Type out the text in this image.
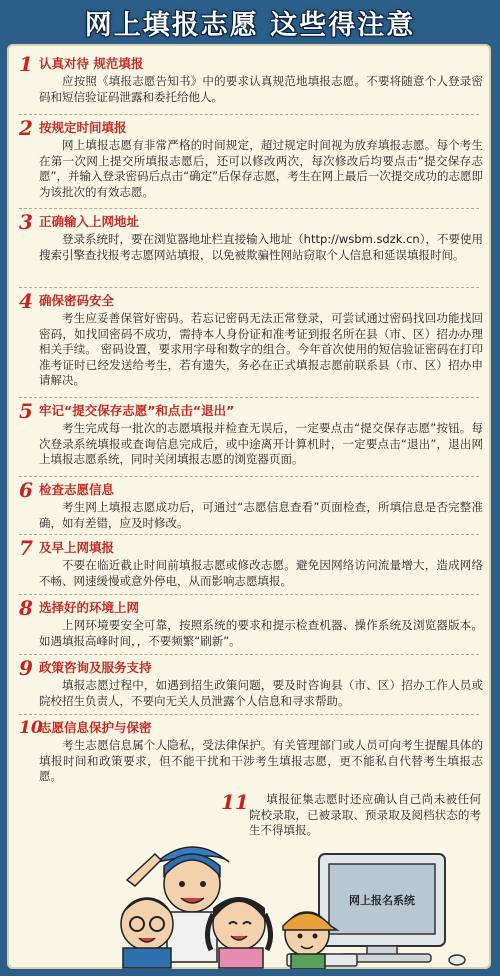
网上填报志愿 这些得注意
1 认真对待 规范填报
应按照《填报志愿告知书》中的要求认真规范地填报志愿。不要将随意个人登录密码和短信验证码泄露和委托给他人。
2 按规定时间填报
网上填报志愿有非常严格的时间规定，超过规定时间视为放弃填报志愿。每个考生在第一次网上提交所填报志愿后，还可以修改两次，每次修改后均要点击“提交保存志愿”，并输入登录密码后点击“确定”后保存志愿，考生在网上最后一次提交成功的志愿即为该批次的有效志愿。
3 正确输入上网地址
登录系统时，要在浏览器地址栏直接输入地址（http://wsbm.sdzk.cn），不要使用搜索引擎查找报考志愿网站填报，以免被欺骗性网站窃取个人信息和延误填报时间。
4 确保密码安全
考生应妥善保管好密码。若忘记密码无法正常登录，可尝试通过密码找回功能找回密码，如找回密码不成功，需持本人身份证和准考证到报名所在县（市、区）招办办理相关手续。 密码设置，要求用字母和数字的组合。今年首次使用的短信验证密码在打印准考证时已经发送给考生，若有遗失，务必在正式填报志愿前联系县（市、区）招办申请解决。
5 牢记“提交保存志愿”和点击“退出”
考生完成每一批次的志愿填报并检查无误后，一定要点击“提交保存志愿”按钮。每次登录系统填报或查询信息完成后，或中途离开计算机时，一定要点击“退出”，退出网上填报志愿系统，同时关闭填报志愿的浏览器页面。
6 检查志愿信息
考生网上填报志愿成功后，可通过“志愿信息查看”页面检查，所填信息是否完整准确，如有差错，应及时修改。
7 及早上网填报
不要在临近截止时间前填报志愿或修改志愿。避免因网络访问流量增大，造成网络不畅、网速缓慢或意外停电，从而影响志愿填报。
8 选择好的环境上网
上网环境要安全可靠，按照系统的要求和提示检查机器、操作系统及浏览器版本。如遇填报高峰时间，，不要频繁“刷新”。
9 政策咨询及服务支持
填报志愿过程中，如遇到招生政策问题，要及时咨询县（市、区）招办工作人员或院校招生负责人，不要向无关人员泄露个人信息和寻求帮助。
10
志愿信息保护与保密
考生志愿信息属个人隐私，受法律保护。有关管理部门或人员可向考生提醒具体的填报时间和政策要求，但不能干扰和干涉考生填报志愿，更不能私自代替考生填报志愿。
11	填报征集志愿时还应确认自己尚未被任何院校录取，已被录取、预录取及阅档状态的考生不得填报。
网上报名系统
